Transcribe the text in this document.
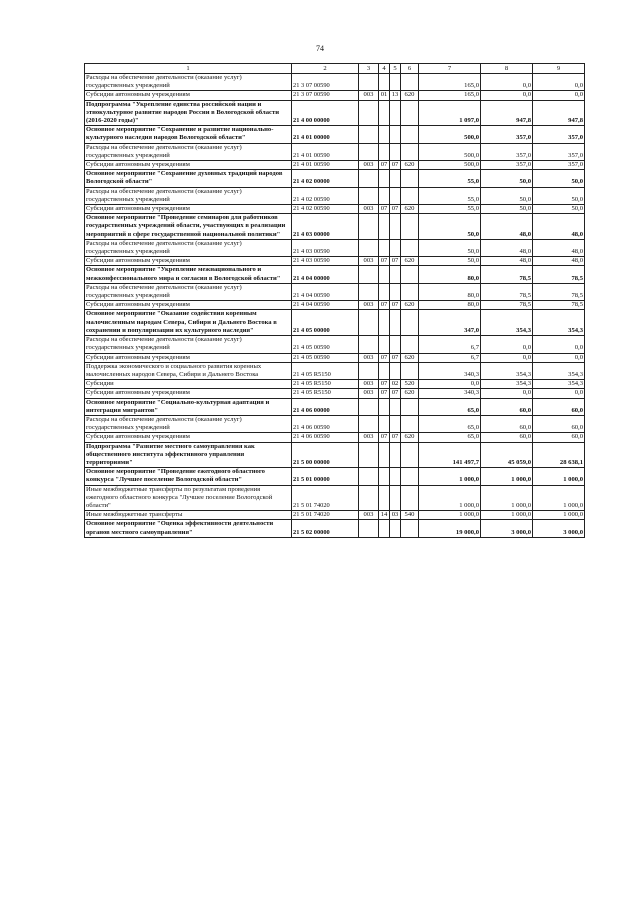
74
1	2	3	4	5	6	7	8	9
Расходы на обеспечение деятельности (оказание услуг) государственных учреждений	21 3 07 00590					165,0	0,0	0,0
Субсидии автономным учреждениям	21 3 07 00590	003	01	13	620	165,0	0,0	0,0
Подпрограмма "Укрепление единства российской нации и этнокультурное развитие народов России в Вологодской области (2016-2020 годы)"	21 4 00 00000					1 097,0	947,8	947,8
Основное мероприятие "Сохранение и развитие национально-культурного наследия народов Вологодской области"	21 4 01 00000					500,0	357,0	357,0
Расходы на обеспечение деятельности (оказание услуг) государственных учреждений	21 4 01 00590					500,0	357,0	357,0
Субсидии автономным учреждениям	21 4 01 00590	003	07	07	620	500,0	357,0	357,0
Основное мероприятие "Сохранение духовных традиций народов Вологодской области"	21 4 02 00000					55,0	50,0	50,0
Расходы на обеспечение деятельности (оказание услуг) государственных учреждений	21 4 02 00590					55,0	50,0	50,0
Субсидии автономным учреждениям	21 4 02 00590	003	07	07	620	55,0	50,0	50,0
Основное мероприятие "Проведение семинаров для работников государственных учреждений области, участвующих в реализации мероприятий в сфере государственной национальной политики"	21 4 03 00000					50,0	48,0	48,0
Расходы на обеспечение деятельности (оказание услуг) государственных учреждений	21 4 03 00590					50,0	48,0	48,0
Субсидии автономным учреждениям	21 4 03 00590	003	07	07	620	50,0	48,0	48,0
Основное мероприятие "Укрепление межнационального и межконфессионального мира и согласия в Вологодской области"	21 4 04 00000					80,0	78,5	78,5
Расходы на обеспечение деятельности (оказание услуг) государственных учреждений	21 4 04 00590					80,0	78,5	78,5
Субсидии автономным учреждениям	21 4 04 00590	003	07	07	620	80,0	78,5	78,5
Основное мероприятие "Оказание содействия коренным малочисленным народам Севера, Сибири и Дальнего Востока в сохранении и популяризации их культурного наследия"	21 4 05 00000					347,0	354,3	354,3
Расходы на обеспечение деятельности (оказание услуг) государственных учреждений	21 4 05 00590					6,7	0,0	0,0
Субсидии автономным учреждениям	21 4 05 00590	003	07	07	620	6,7	0,0	0,0
Поддержка экономического и социального развития коренных малочисленных народов Севера, Сибири и Дальнего Востока	21 4 05 R5150					340,3	354,3	354,3
Субсидии	21 4 05 R5150	003	07	02	520	0,0	354,3	354,3
Субсидии автономным учреждениям	21 4 05 R5150	003	07	07	620	340,3	0,0	0,0
Основное мероприятие "Социально-культурная адаптация и интеграция мигрантов"	21 4 06 00000					65,0	60,0	60,0
Расходы на обеспечение деятельности (оказание услуг) государственных учреждений	21 4 06 00590					65,0	60,0	60,0
Субсидии автономным учреждениям	21 4 06 00590	003	07	07	620	65,0	60,0	60,0
Подпрограмма "Развитие местного самоуправления как общественного института эффективного управления территориями"	21 5 00 00000					141 497,7	45 059,0	28 638,1
Основное мероприятие "Проведение ежегодного областного конкурса "Лучшее поселение Вологодской области"	21 5 01 00000					1 000,0	1 000,0	1 000,0
Иные межбюджетные трансферты по результатам проведения ежегодного областного конкурса "Лучшее поселение Вологодской области"	21 5 01 74020					1 000,0	1 000,0	1 000,0
Иные межбюджетные трансферты	21 5 01 74020	003	14	03	540	1 000,0	1 000,0	1 000,0
Основное мероприятие "Оценка эффективности деятельности органов местного самоуправления"	21 5 02 00000					19 000,0	3 000,0	3 000,0
